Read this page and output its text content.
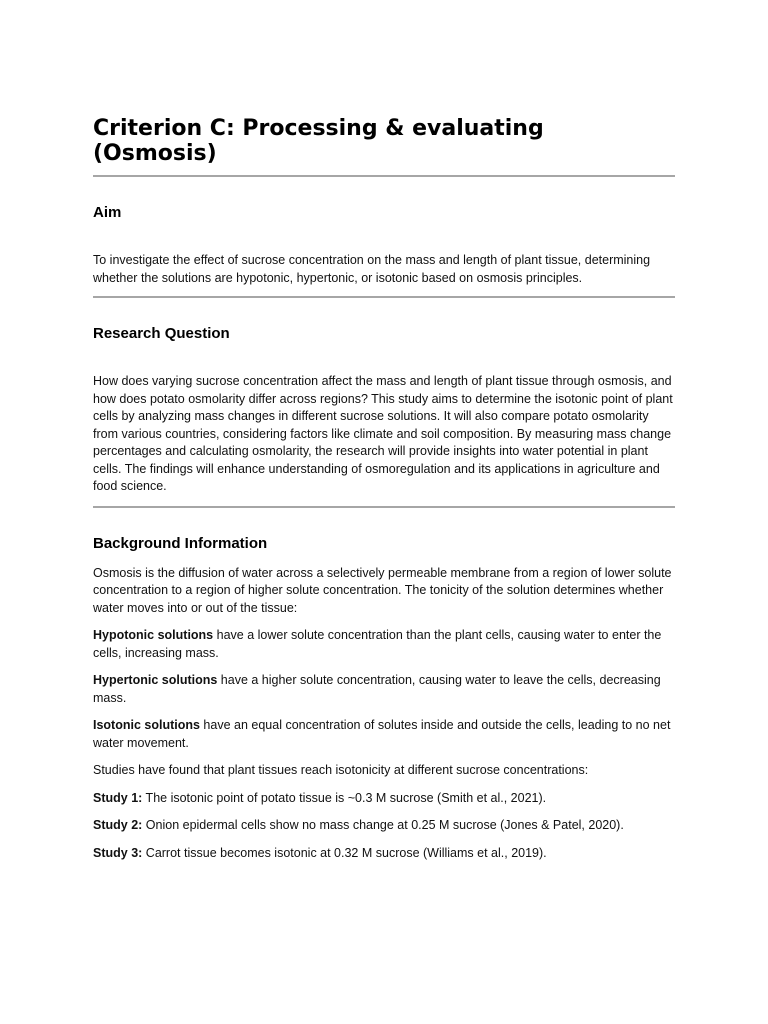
Criterion C: Processing & evaluating (Osmosis)
Aim

To investigate the effect of sucrose concentration on the mass and length of plant tissue, determining whether the solutions are hypotonic, hypertonic, or isotonic based on osmosis principles.

Research Question

How does varying sucrose concentration affect the mass and length of plant tissue through osmosis, and how does potato osmolarity differ across regions? This study aims to determine the isotonic point of plant cells by analyzing mass changes in different sucrose solutions. It will also compare potato osmolarity from various countries, considering factors like climate and soil composition. By measuring mass change percentages and calculating osmolarity, the research will provide insights into water potential in plant cells. The findings will enhance understanding of osmoregulation and its applications in agriculture and food science.

Background Information

Osmosis is the diffusion of water across a selectively permeable membrane from a region of lower solute concentration to a region of higher solute concentration. The tonicity of the solution determines whether water moves into or out of the tissue:

Hypotonic solutions have a lower solute concentration than the plant cells, causing water to enter the cells, increasing mass.

Hypertonic solutions have a higher solute concentration, causing water to leave the cells, decreasing mass.

Isotonic solutions have an equal concentration of solutes inside and outside the cells, leading to no net water movement.

Studies have found that plant tissues reach isotonicity at different sucrose concentrations:

Study 1: The isotonic point of potato tissue is ~0.3 M sucrose (Smith et al., 2021).

Study 2: Onion epidermal cells show no mass change at 0.25 M sucrose (Jones & Patel, 2020).

Study 3: Carrot tissue becomes isotonic at 0.32 M sucrose (Williams et al., 2019).
